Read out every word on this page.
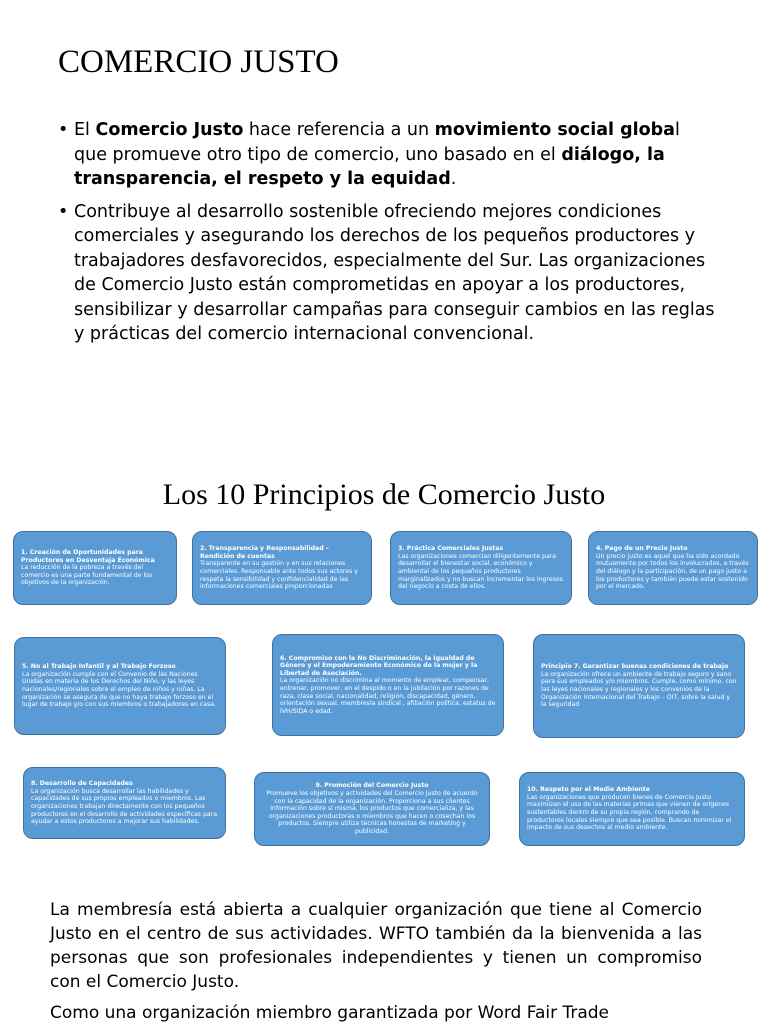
COMERCIO JUSTO
• El Comercio Justo hace referencia a un movimiento social global que promueve otro tipo de comercio, uno basado en el diálogo, la transparencia, el respeto y la equidad.
• Contribuye al desarrollo sostenible ofreciendo mejores condiciones comerciales y asegurando los derechos de los pequeños productores y trabajadores desfavorecidos, especialmente del Sur. Las organizaciones de Comercio Justo están comprometidas en apoyar a los productores, sensibilizar y desarrollar campañas para conseguir cambios en las reglas y prácticas del comercio internacional convencional.
Los 10 Principios de Comercio Justo
1. Creación de Oportunidades para Productores en Desventaja Económica
La reducción de la pobreza a través del comercio es una parte fundamental de los objetivos de la organización.
2. Transparencia y Responsabilidad – Rendición de cuentas
Transparente en su gestión y en sus relaciones comerciales. Responsable ante todos sus actores y respeta la sensibilidad y confidencialidad de las informaciones comerciales proporcionadas
3. Práctica Comerciales Justas
Las organizaciones comercian diligentemente para desarrollar el bienestar social, económico y ambiental de los pequeños productores marginalizados y no buscan incrementar los ingresos del negocio a costa de ellos.
4. Pago de un Precio Justo
Un precio justo es aquel que ha sido acordado mutuamente por todos los involucrados, a través del diálogo y la participación, de un pago justo a los productores y también puede estar sostenido por el mercado.
5. No al Trabajo Infantil y al Trabajo Forzoso
La organización cumple con el Convenio de las Naciones Unidas en materia de los Derechos del Niño, y las leyes nacionales/regionales sobre el empleo de niños y niñas. La organización se asegura de que no haya trabajo forzoso en el lugar de trabajo y/o con sus miembros o trabajadores en casa.
6. Compromiso con la No Discriminación, la Igualdad de Género y el Empoderamiento Económico de la mujer y la Libertad de Asociación.
La organización no discrimina al momento de emplear, compensar, entrenar, promover, en el despido o en la jubilación por razones de raza, clase social, nacionalidad, religión, discapacidad, género, orientación sexual, membresía sindical , afiliación política, estatus de IVH/SIDA o edad.
Principio 7. Garantizar buenas condiciones de trabajo
La organización ofrece un ambiente de trabajo seguro y sano para sus empleados y/o miembros. Cumple, como mínimo, con las leyes nacionales y regionales y los convenios de la Organización Internacional del Trabajo – OIT, sobre la salud y la seguridad
8. Desarrollo de Capacidades
La organización busca desarrollar las habilidades y capacidades de sus propios empleados o miembros. Las organizaciones trabajan directamente con los pequeños productores en el desarrollo de actividades específicas para ayudar a estos productores a mejorar sus habilidades.
9. Promoción del Comercio Justo
Promueve los objetivos y actividades del Comercio Justo de acuerdo con la capacidad de la organización. Proporciona a sus clientes información sobre sí misma, los productos que comercializa, y las organizaciones productoras o miembros que hacen o cosechan los productos. Siempre utiliza técnicas honestas de marketing y publicidad.
10. Respeto por el Medio Ambiente
Las organizaciones que producen bienes de Comercio Justo maximizan el uso de las materias primas que vienen de orígenes sustentables dentro de su propia región, comprando de productores locales siempre que sea posible. Buscan minimizar el impacto de sus desechos al medio ambiente.
La membresía está abierta a cualquier organización que tiene al Comercio Justo en el centro de sus actividades. WFTO también da la bienvenida a las personas que son profesionales independientes y tienen un compromiso con el Comercio Justo.
Como una organización miembro garantizada por Word Fair Trade
